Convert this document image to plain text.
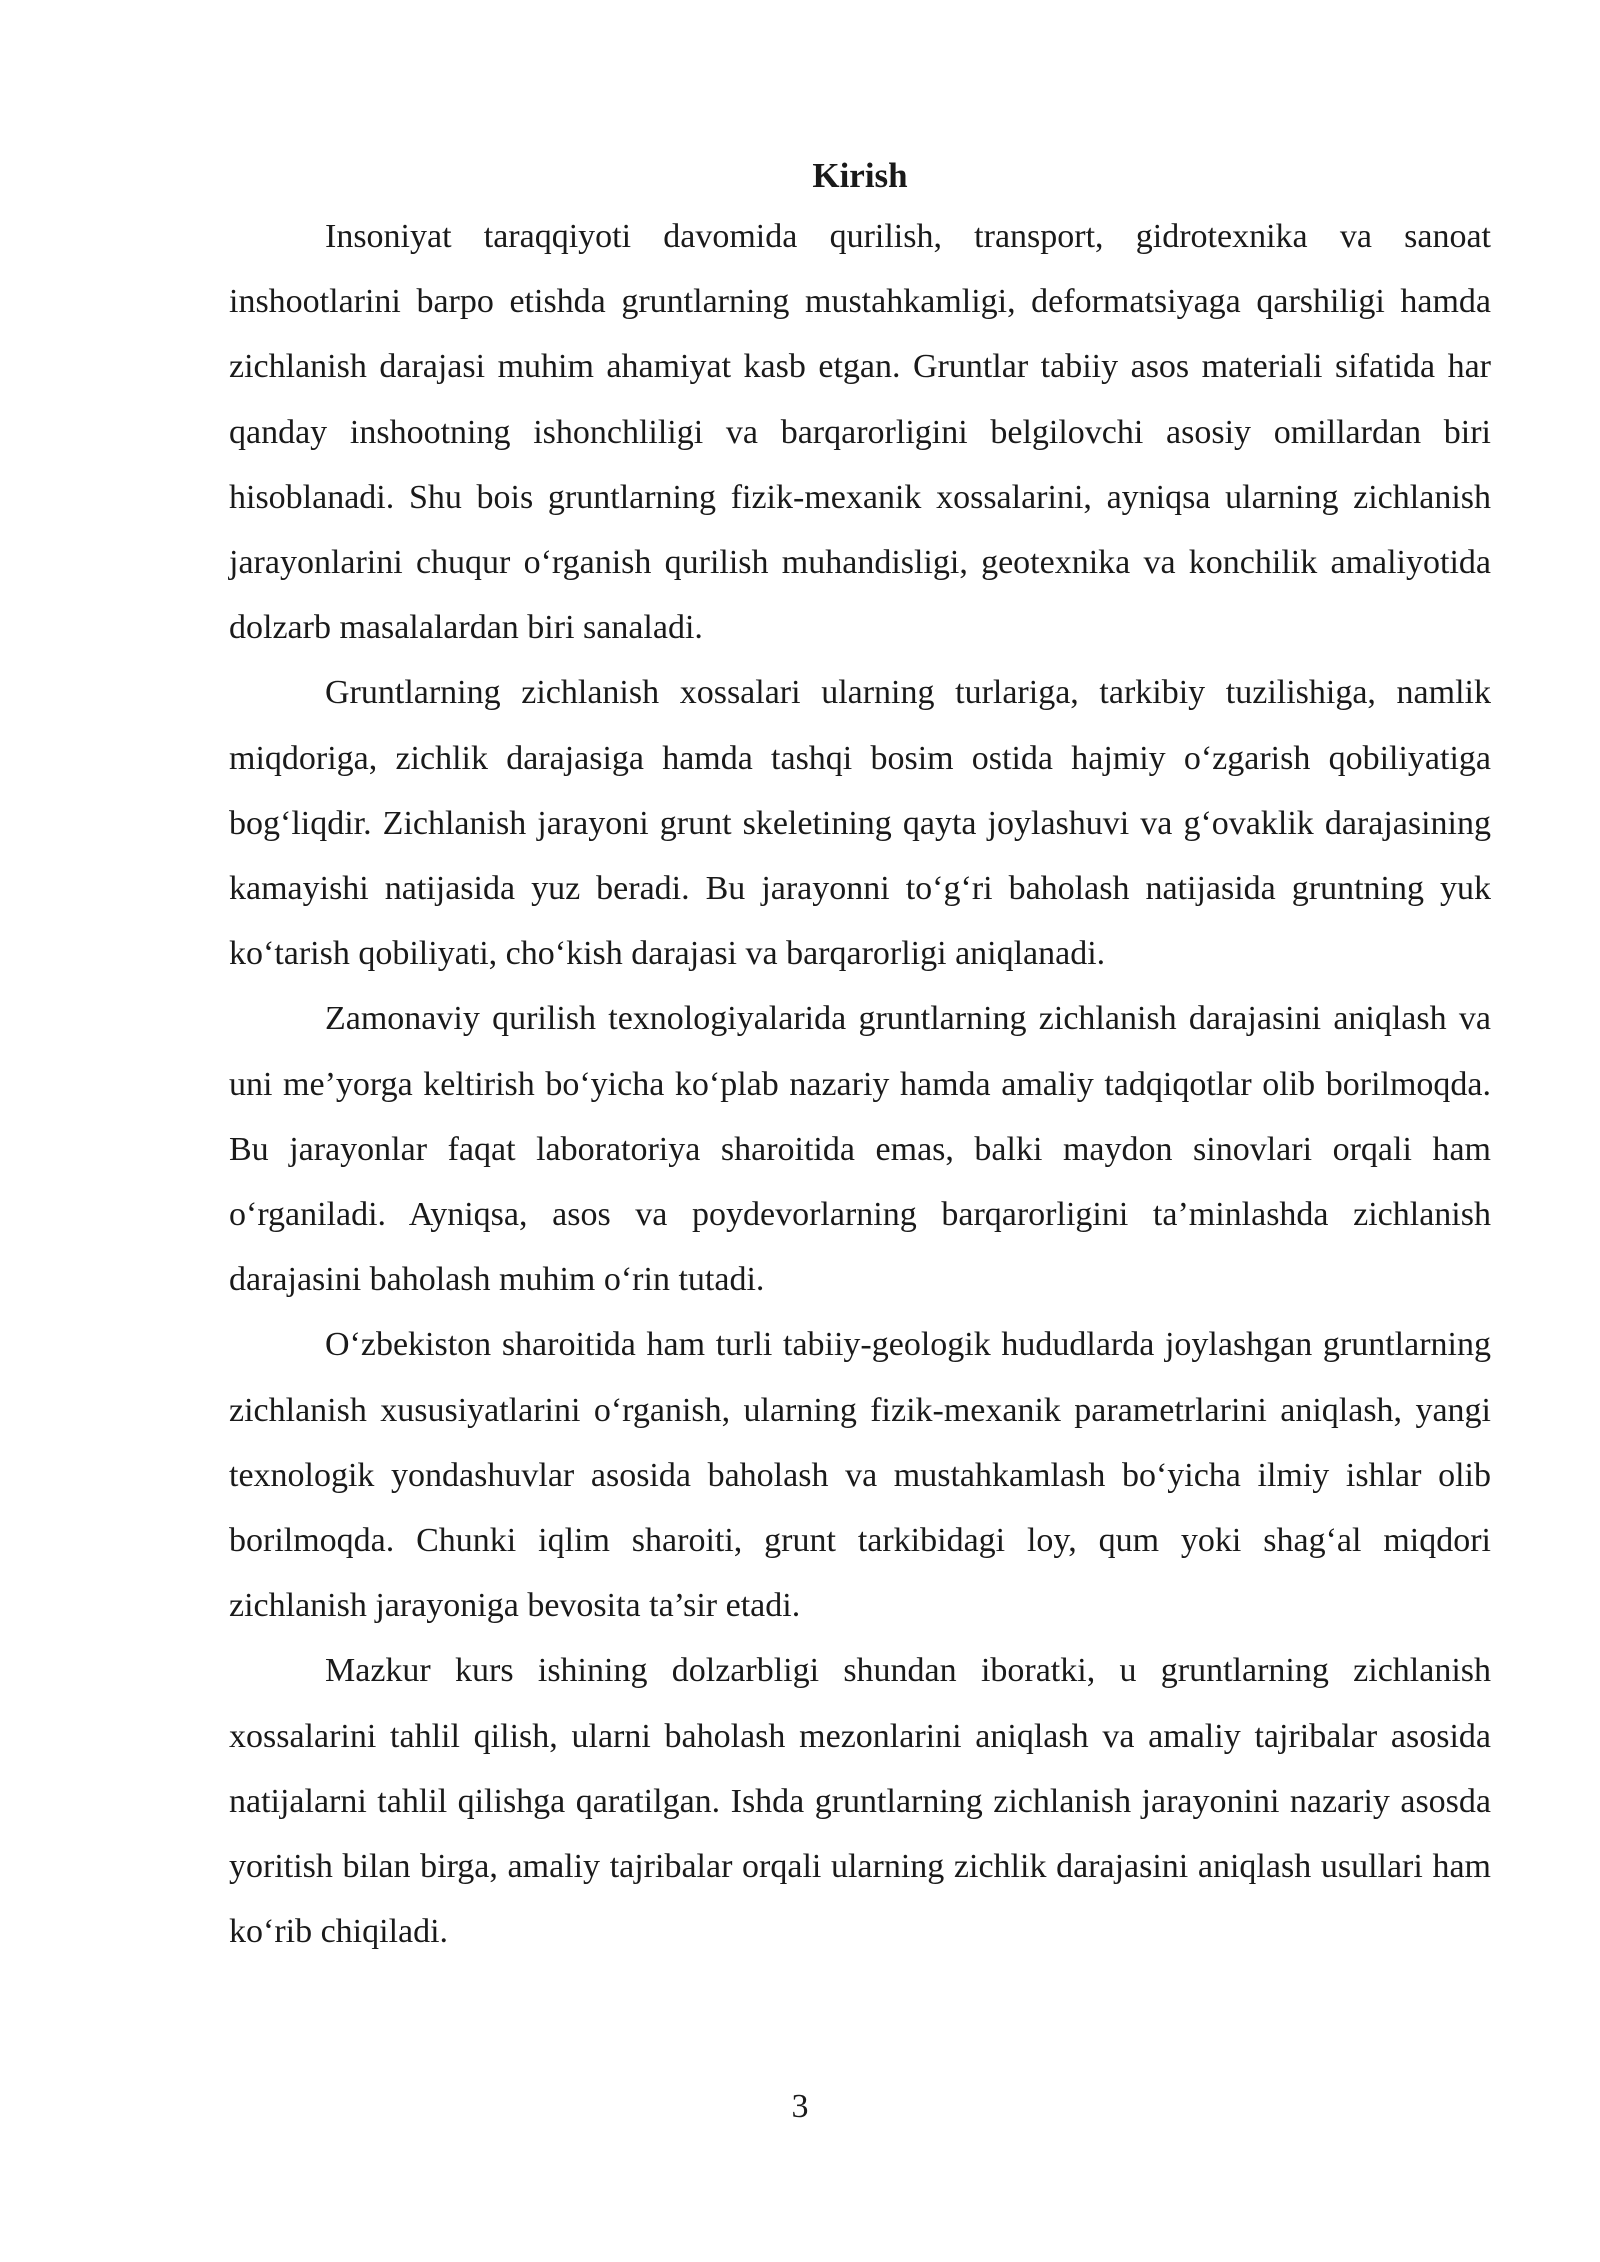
Kirish

Insoniyat taraqqiyoti davomida qurilish, transport, gidrotexnika va sanoat inshootlarini barpo etishda gruntlarning mustahkamligi, deformatsiyaga qarshiligi hamda zichlanish darajasi muhim ahamiyat kasb etgan. Gruntlar tabiiy asos materiali sifatida har qanday inshootning ishonchliligi va barqarorligini belgilovchi asosiy omillardan biri hisoblanadi. Shu bois gruntlarning fizik-mexanik xossalarini, ayniqsa ularning zichlanish jarayonlarini chuqur oʻrganish qurilish muhandisligi, geotexnika va konchilik amaliyotida dolzarb masalalardan biri sanaladi.

Gruntlarning zichlanish xossalari ularning turlariga, tarkibiy tuzilishiga, namlik miqdoriga, zichlik darajasiga hamda tashqi bosim ostida hajmiy oʻzgarish qobiliyatiga bogʻliqdir. Zichlanish jarayoni grunt skeletining qayta joylashuvi va gʻovaklik darajasining kamayishi natijasida yuz beradi. Bu jarayonni toʻgʻri baholash natijasida gruntning yuk koʻtarish qobiliyati, choʻkish darajasi va barqarorligi aniqlanadi.

Zamonaviy qurilish texnologiyalarida gruntlarning zichlanish darajasini aniqlash va uni me’yorga keltirish boʻyicha koʻplab nazariy hamda amaliy tadqiqotlar olib borilmoqda. Bu jarayonlar faqat laboratoriya sharoitida emas, balki maydon sinovlari orqali ham oʻrganiladi. Ayniqsa, asos va poydevorlarning barqarorligini ta’minlashda zichlanish darajasini baholash muhim oʻrin tutadi.

Oʻzbekiston sharoitida ham turli tabiiy-geologik hududlarda joylashgan gruntlarning zichlanish xususiyatlarini oʻrganish, ularning fizik-mexanik parametrlarini aniqlash, yangi texnologik yondashuvlar asosida baholash va mustahkamlash boʻyicha ilmiy ishlar olib borilmoqda. Chunki iqlim sharoiti, grunt tarkibidagi loy, qum yoki shagʻal miqdori zichlanish jarayoniga bevosita ta’sir etadi.

Mazkur kurs ishining dolzarbligi shundan iboratki, u gruntlarning zichlanish xossalarini tahlil qilish, ularni baholash mezonlarini aniqlash va amaliy tajribalar asosida natijalarni tahlil qilishga qaratilgan. Ishda gruntlarning zichlanish jarayonini nazariy asosda yoritish bilan birga, amaliy tajribalar orqali ularning zichlik darajasini aniqlash usullari ham koʻrib chiqiladi.

3
